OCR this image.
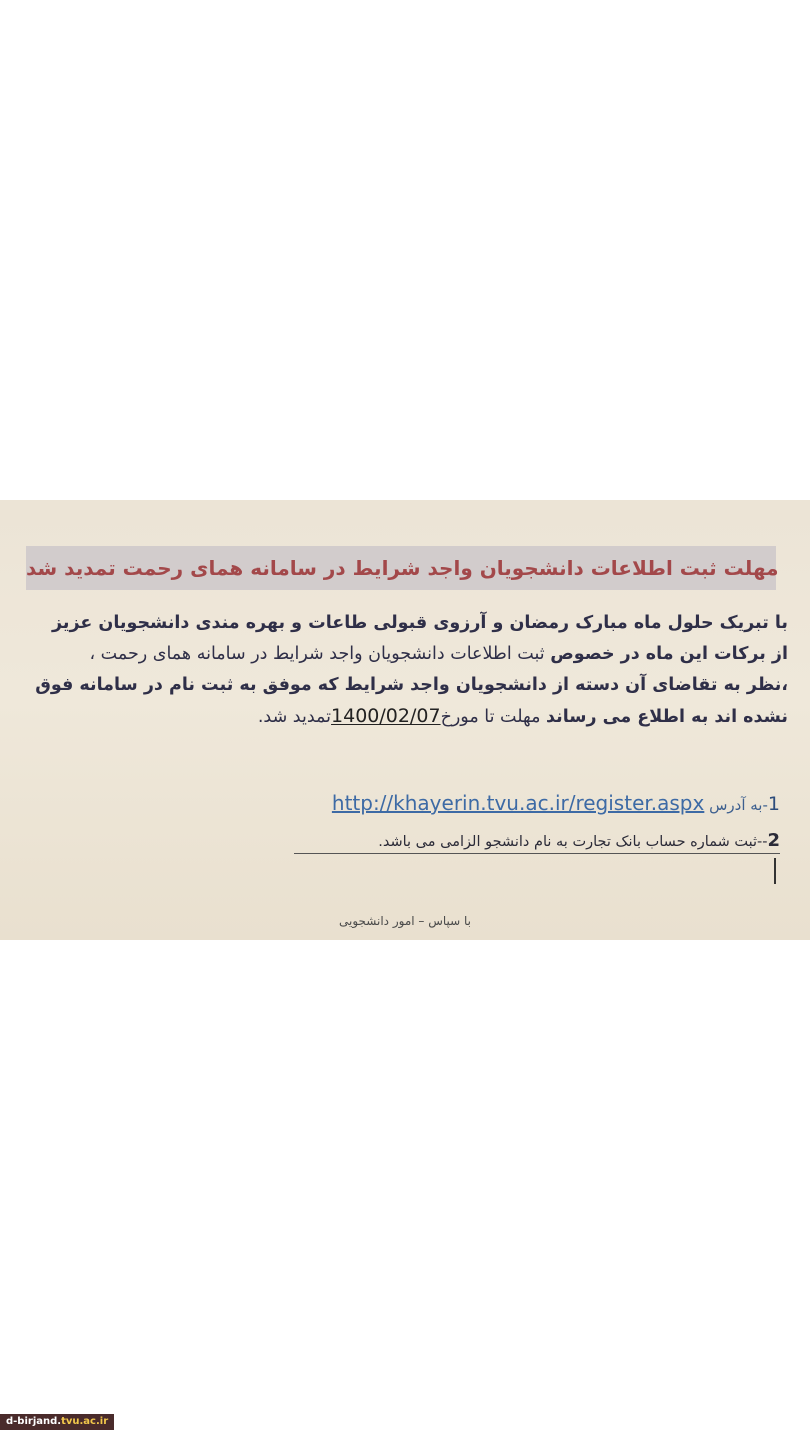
مهلت ثبت اطلاعات دانشجویان واجد شرایط در سامانه همای رحمت تمدید شد
با تبریک حلول ماه مبارک رمضان و آرزوی قبولی طاعات و بهره مندی دانشجویان عزیز
از برکات این ماه در خصوص ثبت اطلاعات دانشجویان واجد شرایط در سامانه همای رحمت ،
،نظر به تقاضای آن دسته از دانشجویان واجد شرایط که موفق به ثبت نام در سامانه فوق
نشده اند به اطلاع می رساند مهلت تا مورخ1400/02/07تمدید شد.
1-به آدرس http://khayerin.tvu.ac.ir/register.aspx
2--ثبت شماره حساب بانک تجارت به نام دانشجو الزامی می باشد.
با سپاس – امور دانشجویی
d-birjand.tvu.ac.ir
